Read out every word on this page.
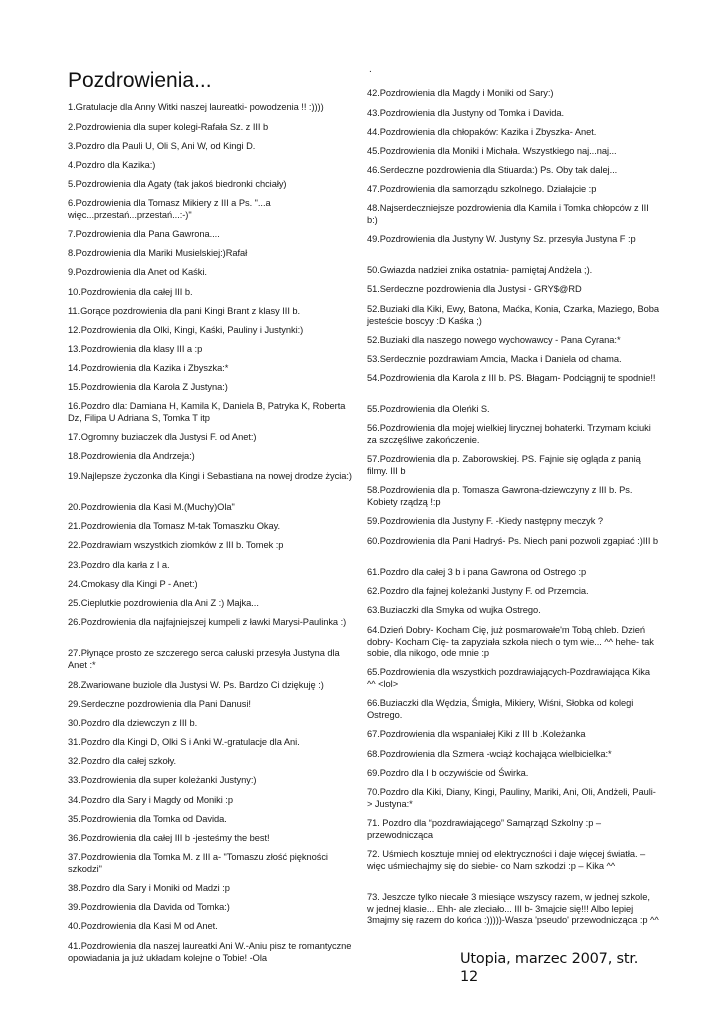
Pozdrowienia...	.

1.Gratulacje dla Anny Witki naszej laureatki- powodzenia !! :))))

2.Pozdrowienia dla super kolegi-Rafała Sz. z III b

3.Pozdro dla Pauli U, Oli S, Ani W, od Kingi D.

4.Pozdro dla Kazika:)

5.Pozdrowienia dla Agaty (tak jakoś biedronki chciały)

6.Pozdrowienia dla Tomasz Mikiery z III a Ps. "...a więc...przestań...przestań...:-)"

7.Pozdrowienia dla Pana Gawrona....

8.Pozdrowienia dla Mariki Musielskiej:)Rafał

9.Pozdrowienia dla Anet od Kaśki.

10.Pozdrowienia dla całej III b.

11.Gorące pozdrowienia dla pani Kingi Brant z klasy III b.

12.Pozdrowienia dla Olki, Kingi, Kaśki, Pauliny i Justynki:)

13.Pozdrowienia dla klasy III a :p

14.Pozdrowienia dla Kazika i Zbyszka:*

15.Pozdrowienia dla Karola Z Justyna:)

16.Pozdro dla: Damiana H, Kamila K, Daniela B, Patryka K, Roberta Dz, Filipa U Adriana S, Tomka T itp

17.Ogromny buziaczek dla Justysi F. od Anet:)

18.Pozdrowienia dla Andrzeja:)

19.Najlepsze życzonka dla Kingi i Sebastiana na nowej drodze życia:)

20.Pozdrowienia dla Kasi M.(Muchy)Ola"

21.Pozdrowienia dla Tomasz M-tak Tomaszku Okay.

22.Pozdrawiam wszystkich ziomków z III b. Tomek :p

23.Pozdro dla karła z I a.

24.Cmokasy dla Kingi P - Anet:)

25.Cieplutkie pozdrowienia dla Ani Z :) Majka...

26.Pozdrowienia dla najfajniejszej kumpeli z ławki Marysi-Paulinka :)

27.Płynące prosto ze szczerego serca całuski przesyła Justyna dla Anet :*

28.Zwariowane buziole dla Justysi W. Ps. Bardzo Ci dziękuję :)

29.Serdeczne pozdrowienia dla Pani Danusi!

30.Pozdro dla dziewczyn z III b.

31.Pozdro dla Kingi D, Olki S i Anki W.-gratulacje dla Ani.

32.Pozdro dla całej szkoły.

33.Pozdrowienia dla super koleżanki Justyny:)

34.Pozdro dla Sary i Magdy od Moniki :p

35.Pozdrowienia dla Tomka od Davida.

36.Pozdrowienia dla całej III b -jesteśmy the best!

37.Pozdrowienia dla Tomka M. z III a- "Tomaszu złość piękności szkodzi"

38.Pozdro dla Sary i Moniki od Madzi :p

39.Pozdrowienia dla Davida od Tomka:)

40.Pozdrowienia dla Kasi M od Anet.

41.Pozdrowienia dla naszej laureatki Ani W.-Aniu pisz te romantyczne opowiadania ja już układam kolejne o Tobie! -Ola

42.Pozdrowienia dla Magdy i Moniki od Sary:)

43.Pozdrowienia dla Justyny od Tomka i Davida.

44.Pozdrowienia dla chłopaków: Kazika i Zbyszka- Anet.

45.Pozdrowienia dla Moniki i Michała. Wszystkiego naj...naj...

46.Serdeczne pozdrowienia dla Stiuarda:) Ps. Oby tak dalej...

47.Pozdrowienia dla samorządu szkolnego. Działajcie :p

48.Najserdeczniejsze pozdrowienia dla Kamila i Tomka chłopców z III b:)

49.Pozdrowienia dla Justyny W. Justyny Sz. przesyła Justyna F :p

50.Gwiazda nadziei znika ostatnia- pamiętaj Andżela ;).

51.Serdeczne pozdrowienia dla Justysi - GRY$@RD

52.Buziaki dla Kiki, Ewy, Batona, Maćka, Konia, Czarka, Maziego, Boba jesteście boscyy :D Kaśka ;)

52.Buziaki dla naszego nowego wychowawcy - Pana Cyrana:*

53.Serdecznie pozdrawiam Amcia, Macka i Daniela od chama.

54.Pozdrowienia dla Karola z III b. PS. Błagam- Podciągnij te spodnie!!

55.Pozdrowienia dla Oleńki S.

56.Pozdrowienia dla mojej wielkiej lirycznej bohaterki. Trzymam kciuki za szczęśliwe zakończenie.

57.Pozdrowienia dla p. Zaborowskiej. PS. Fajnie się ogląda z panią filmy. III b

58.Pozdrowienia dla p. Tomasza Gawrona-dziewczyny z III b. Ps. Kobiety rządzą !:p

59.Pozdrowienia dla Justyny F. -Kiedy następny meczyk ?

60.Pozdrowienia dla Pani Hadryś- Ps. Niech pani pozwoli zgapiać :)III b

61.Pozdro dla całej 3 b i pana Gawrona od Ostrego :p

62.Pozdro dla fajnej koleżanki Justyny F. od Przemcia.

63.Buziaczki dla Smyka od wujka Ostrego.

64.Dzień Dobry- Kocham Cię, już posmarowałe'm Tobą chleb. Dzień dobry- Kocham Cię- ta zapyziała szkoła niech o tym wie... ^^ hehe- tak sobie, dla nikogo, ode mnie :p

65.Pozdrowienia dla wszystkich pozdrawiających-Pozdrawiająca Kika ^^ <lol>

66.Buziaczki dla Wędzia, Śmigła, Mikiery, Wiśni, Słobka od kolegi Ostrego.

67.Pozdrowienia dla wspaniałej Kiki z III b .Koleżanka

68.Pozdrowienia dla Szmera -wciąż kochająca wielbicielka:*

69.Pozdro dla I b oczywiście od Świrka.

70.Pozdro dla Kiki, Diany, Kingi, Pauliny, Mariki, Ani, Oli, Andżeli, Pauli-> Justyna:*

71. Pozdro dla “pozdrawiającego” Samąrząd Szkolny :p – przewodnicząca

72. Uśmiech kosztuje mniej od elektryczności i daje więcej światła. – więc uśmiechajmy się do siebie- co Nam szkodzi :p – Kika ^^

73. Jeszcze tylko niecałe 3 miesiące wszyscy razem, w jednej szkole, w jednej klasie... Ehh- ale zleciało... III b- 3majcie się!!! Albo lepiej 3majmy się razem do końca :)))))-Wasza 'pseudo' przewodnicząca :p ^^

Utopia, marzec 2007, str. 12
